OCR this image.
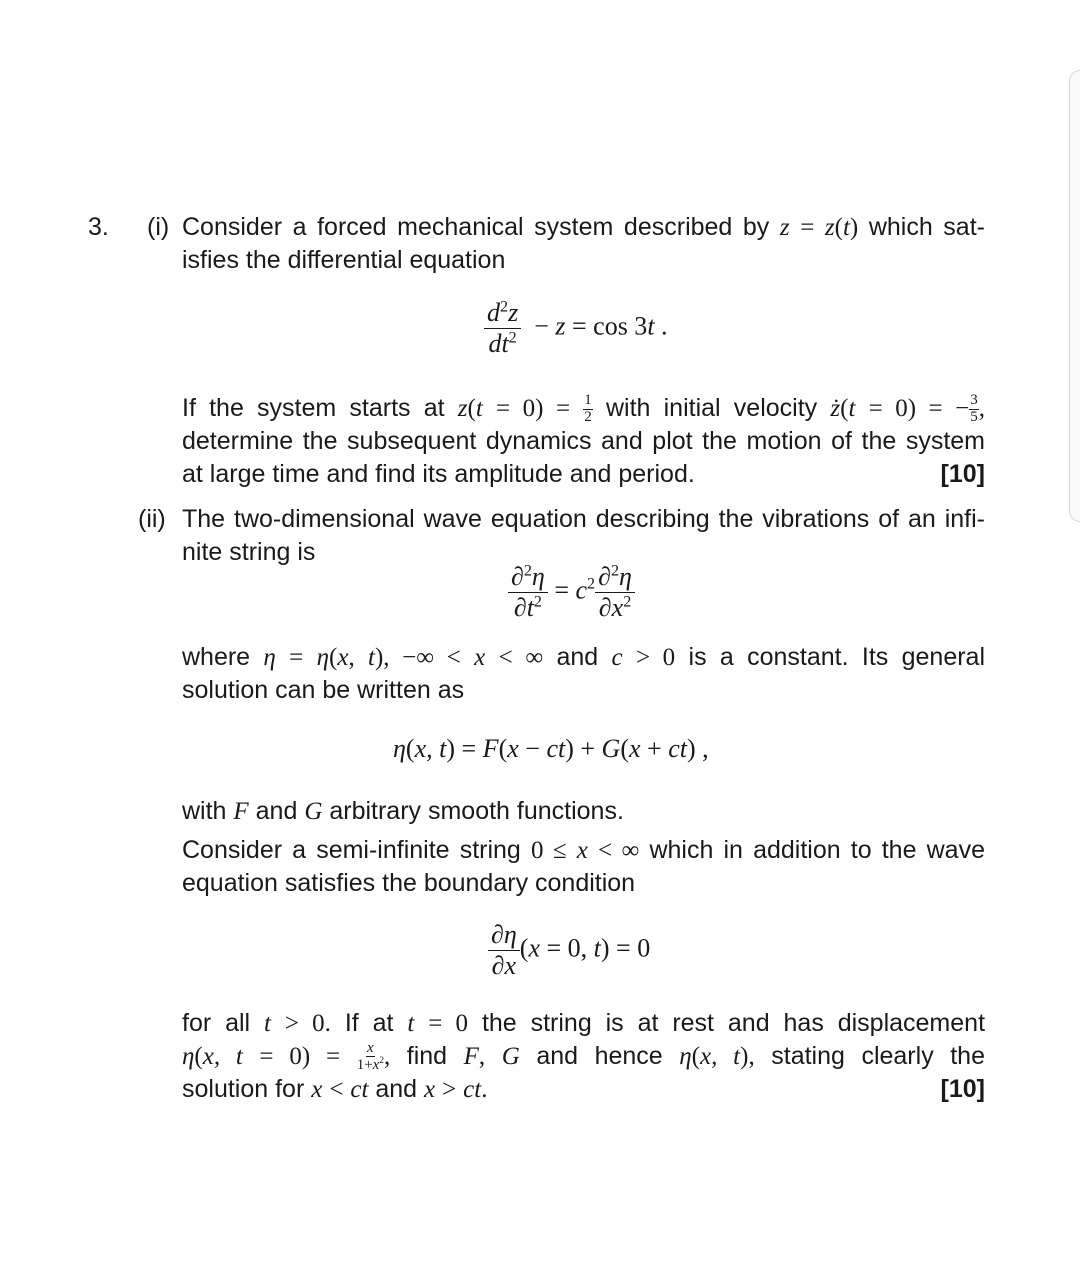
3. (i) Consider a forced mechanical system described by z = z(t) which sat-
isfies the differential equation
$\frac{d^2z}{dt^2} - z = \cos 3t$ .
If the system starts at $z(t = 0) = \frac{1}{2}$ with initial velocity ż(t = 0) = − $\frac{3}{5}$ ,
determine the subsequent dynamics and plot the motion of the system
at large time and find its amplitude and period.	[10]
(ii) The two-dimensional wave equation describing the vibrations of an infi-
nite string is
$\frac{\partial^2\eta}{\partial t^2} = c^2 \frac{\partial^2\eta}{\partial x^2}$
where η = η(x, t), −∞ < x < ∞ and c > 0 is a constant. Its general
solution can be written as
η(x, t) = F(x − ct) + G(x + ct) ,
with F and G arbitrary smooth functions.
Consider a semi-infinite string 0 ≤ x < ∞ which in addition to the wave
equation satisfies the boundary condition
$\frac{\partial\eta}{\partial x} (x = 0$, t) = 0
for all t > 0. If at t = 0 the string is at rest and has displacement
η(x, $t = 0) = \frac{x}{1+x^2}$ , find F, G and hence η(x, t), stating clearly the
solution for x < ct and x > ct.	[10]
